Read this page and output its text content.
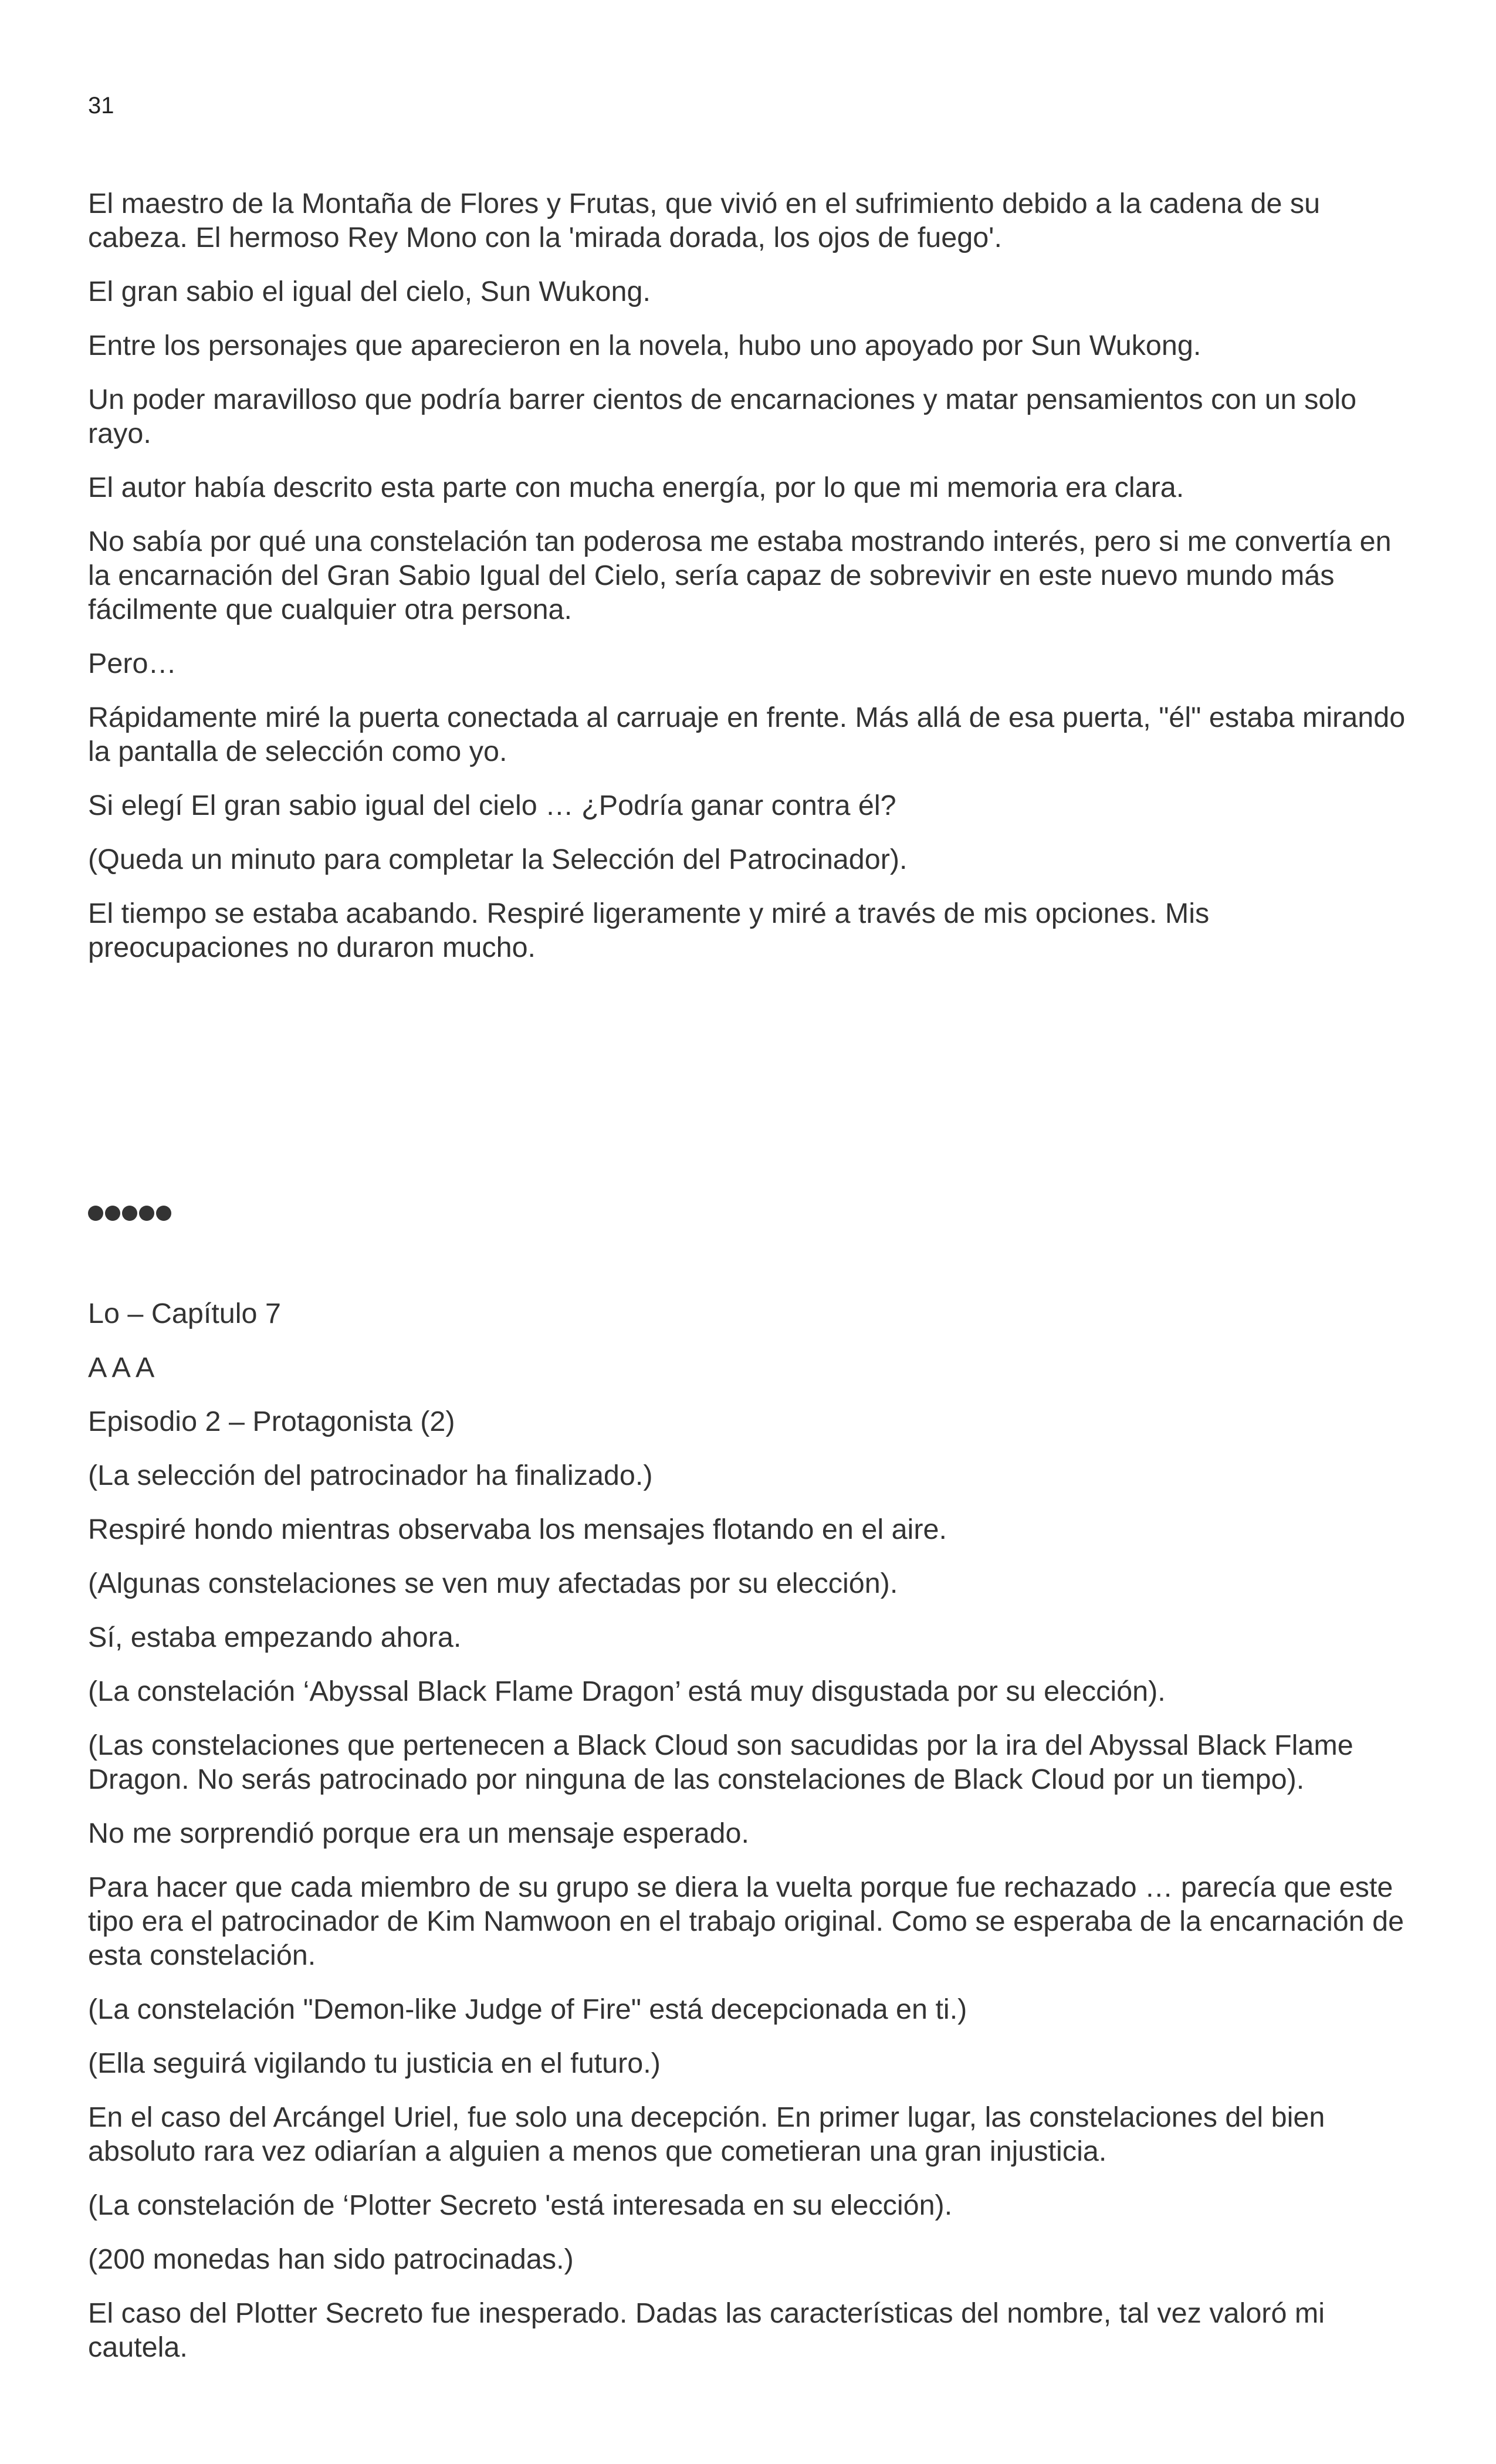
31

El maestro de la Montaña de Flores y Frutas, que vivió en el sufrimiento debido a la cadena de su cabeza. El hermoso Rey Mono con la 'mirada dorada, los ojos de fuego'.

El gran sabio el igual del cielo, Sun Wukong.

Entre los personajes que aparecieron en la novela, hubo uno apoyado por Sun Wukong.

Un poder maravilloso que podría barrer cientos de encarnaciones y matar pensamientos con un solo rayo.

El autor había descrito esta parte con mucha energía, por lo que mi memoria era clara.

No sabía por qué una constelación tan poderosa me estaba mostrando interés, pero si me convertía en la encarnación del Gran Sabio Igual del Cielo, sería capaz de sobrevivir en este nuevo mundo más fácilmente que cualquier otra persona.

Pero…

Rápidamente miré la puerta conectada al carruaje en frente. Más allá de esa puerta, "él" estaba mirando la pantalla de selección como yo.

Si elegí El gran sabio igual del cielo … ¿Podría ganar contra él?

(Queda un minuto para completar la Selección del Patrocinador).

El tiempo se estaba acabando. Respiré ligeramente y miré a través de mis opciones. Mis preocupaciones no duraron mucho.

Lo – Capítulo 7

A A A

Episodio 2 – Protagonista (2)

(La selección del patrocinador ha finalizado.)

Respiré hondo mientras observaba los mensajes flotando en el aire.

(Algunas constelaciones se ven muy afectadas por su elección).

Sí, estaba empezando ahora.

(La constelación ‘Abyssal Black Flame Dragon’ está muy disgustada por su elección).

(Las constelaciones que pertenecen a Black Cloud son sacudidas por la ira del Abyssal Black Flame Dragon. No serás patrocinado por ninguna de las constelaciones de Black Cloud por un tiempo).

No me sorprendió porque era un mensaje esperado.

Para hacer que cada miembro de su grupo se diera la vuelta porque fue rechazado … parecía que este tipo era el patrocinador de Kim Namwoon en el trabajo original. Como se esperaba de la encarnación de esta constelación.

(La constelación "Demon-like Judge of Fire" está decepcionada en ti.)

(Ella seguirá vigilando tu justicia en el futuro.)

En el caso del Arcángel Uriel, fue solo una decepción. En primer lugar, las constelaciones del bien absoluto rara vez odiarían a alguien a menos que cometieran una gran injusticia.

(La constelación de ‘Plotter Secreto 'está interesada en su elección).

(200 monedas han sido patrocinadas.)

El caso del Plotter Secreto fue inesperado. Dadas las características del nombre, tal vez valoró mi cautela.
